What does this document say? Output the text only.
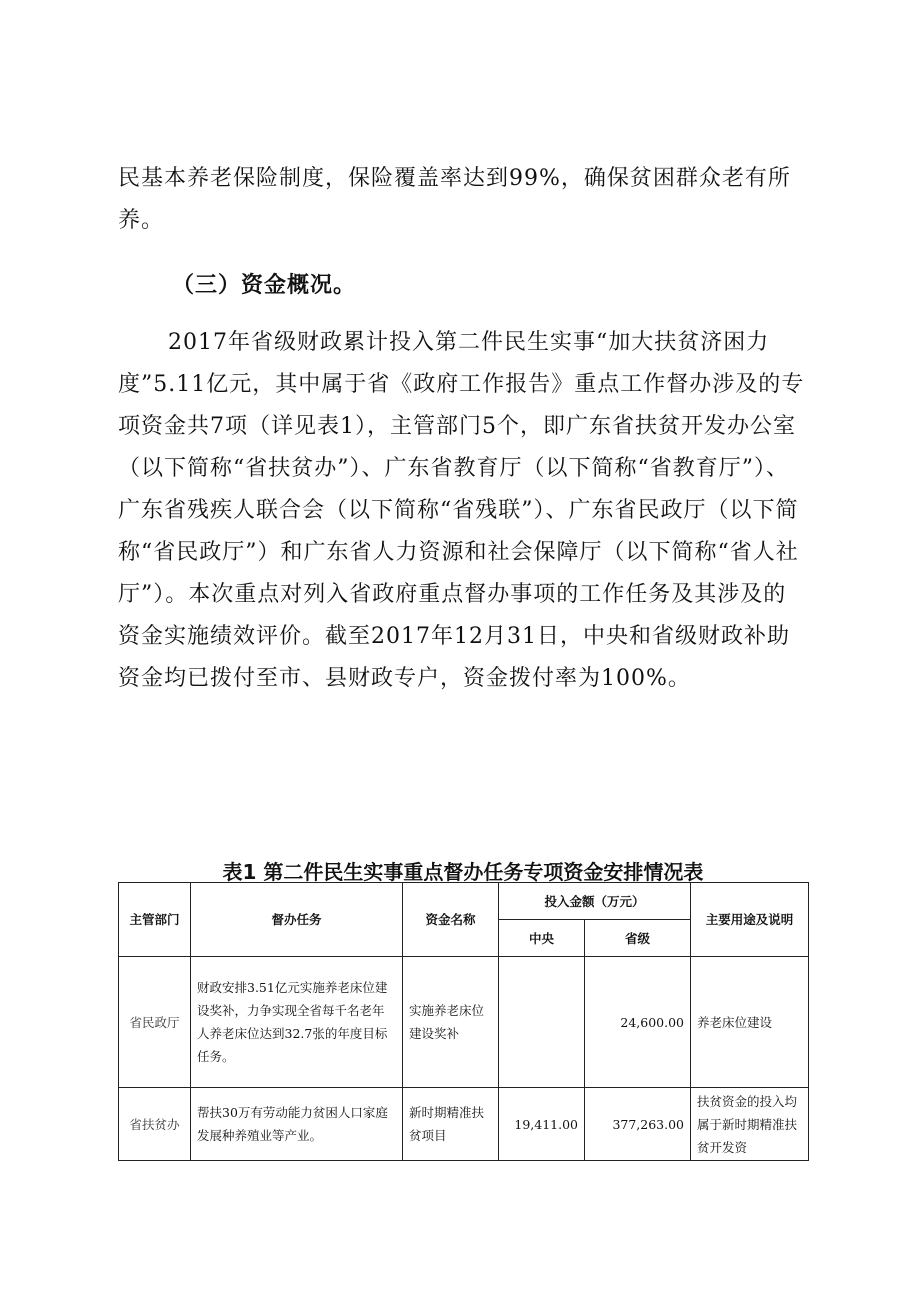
民基本养老保险制度，保险覆盖率达到99%，确保贫困群众老有所养。

（三）资金概况。

2017年省级财政累计投入第二件民生实事“加大扶贫济困力度”5.11亿元，其中属于省《政府工作报告》重点工作督办涉及的专项资金共7项（详见表1），主管部门5个，即广东省扶贫开发办公室（以下简称“省扶贫办”）、广东省教育厅（以下简称“省教育厅”）、广东省残疾人联合会（以下简称“省残联”）、广东省民政厅（以下简称“省民政厅”）和广东省人力资源和社会保障厅（以下简称“省人社厅”）。本次重点对列入省政府重点督办事项的工作任务及其涉及的资金实施绩效评价。截至2017年12月31日，中央和省级财政补助资金均已拨付至市、县财政专户，资金拨付率为100%。

表1 第二件民生实事重点督办任务专项资金安排情况表

主管部门	督办任务	资金名称	投入金额（万元）		主要用途及说明
			中央	省级	
省民政厅	财政安排3.51亿元实施养老床位建设奖补，力争实现全省每千名老年人养老床位达到32.7张的年度目标任务。	实施养老床位建设奖补		24,600.00	养老床位建设
省扶贫办	帮扶30万有劳动能力贫困人口家庭发展种养殖业等产业。	新时期精准扶贫项目	19,411.00	377,263.00	扶贫资金的投入均属于新时期精准扶贫开发资
